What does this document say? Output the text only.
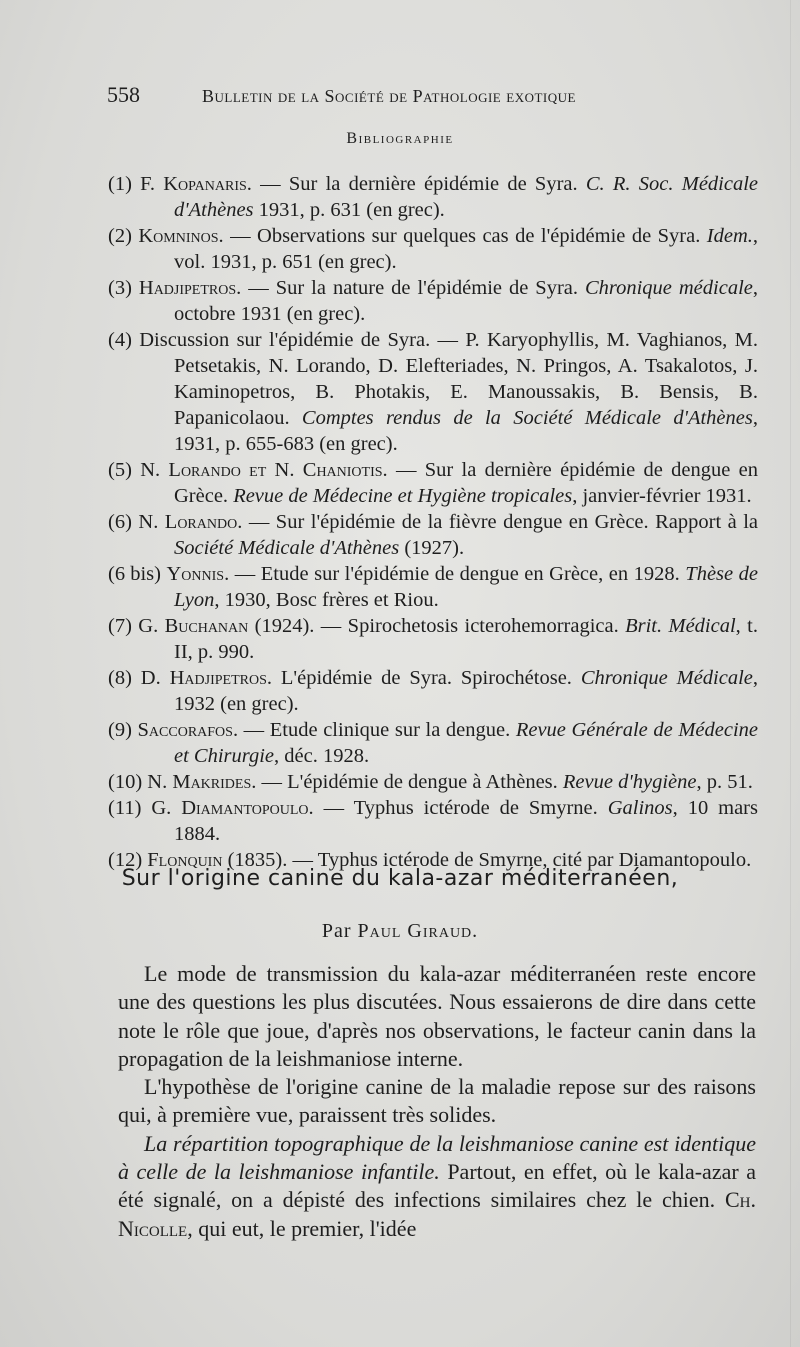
558	Bulletin de la Société de Pathologie exotique
Bibliographie
(1) F. Kopanaris. — Sur la dernière épidémie de Syra. C. R. Soc. Médicale d'Athènes 1931, p. 631 (en grec).
(2) Komninos. — Observations sur quelques cas de l'épidémie de Syra. Idem., vol. 1931, p. 651 (en grec).
(3) Hadjipetros. — Sur la nature de l'épidémie de Syra. Chronique médicale, octobre 1931 (en grec).
(4) Discussion sur l'épidémie de Syra. — P. Karyophyllis, M. Vaghianos, M. Petsetakis, N. Lorando, D. Elefteriades, N. Pringos, A. Tsakalotos, J. Kaminopetros, B. Photakis, E. Manoussakis, B. Bensis, B. Papanicolaou. Comptes rendus de la Société Médicale d'Athènes, 1931, p. 655-683 (en grec).
(5) N. Lorando et N. Chaniotis. — Sur la dernière épidémie de dengue en Grèce. Revue de Médecine et Hygiène tropicales, janvier-février 1931.
(6) N. Lorando. — Sur l'épidémie de la fièvre dengue en Grèce. Rapport à la Société Médicale d'Athènes (1927).
(6 bis) Yonnis. — Etude sur l'épidémie de dengue en Grèce, en 1928. Thèse de Lyon, 1930, Bosc frères et Riou.
(7) G. Buchanan (1924). — Spirochetosis icterohemorragica. Brit. Médical, t. II, p. 990.
(8) D. Hadjipetros. L'épidémie de Syra. Spirochétose. Chronique Médicale, 1932 (en grec).
(9) Saccorafos. — Etude clinique sur la dengue. Revue Générale de Médecine et Chirurgie, déc. 1928.
(10) N. Makrides. — L'épidémie de dengue à Athènes. Revue d'hygiène, p. 51.
(11) G. Diamantopoulo. — Typhus ictérode de Smyrne. Galinos, 10 mars 1884.
(12) Flonquin (1835). — Typhus ictérode de Smyrne, cité par Diamantopoulo.
Sur l'origine canine du kala-azar méditerranéen,
Par Paul Giraud.

Le mode de transmission du kala-azar méditerranéen reste encore une des questions les plus discutées. Nous essaierons de dire dans cette note le rôle que joue, d'après nos observations, le facteur canin dans la propagation de la leishmaniose interne.

L'hypothèse de l'origine canine de la maladie repose sur des raisons qui, à première vue, paraissent très solides.

La répartition topographique de la leishmaniose canine est identique à celle de la leishmaniose infantile. Partout, en effet, où le kala-azar a été signalé, on a dépisté des infections similaires chez le chien. Ch. Nicolle, qui eut, le premier, l'idée
